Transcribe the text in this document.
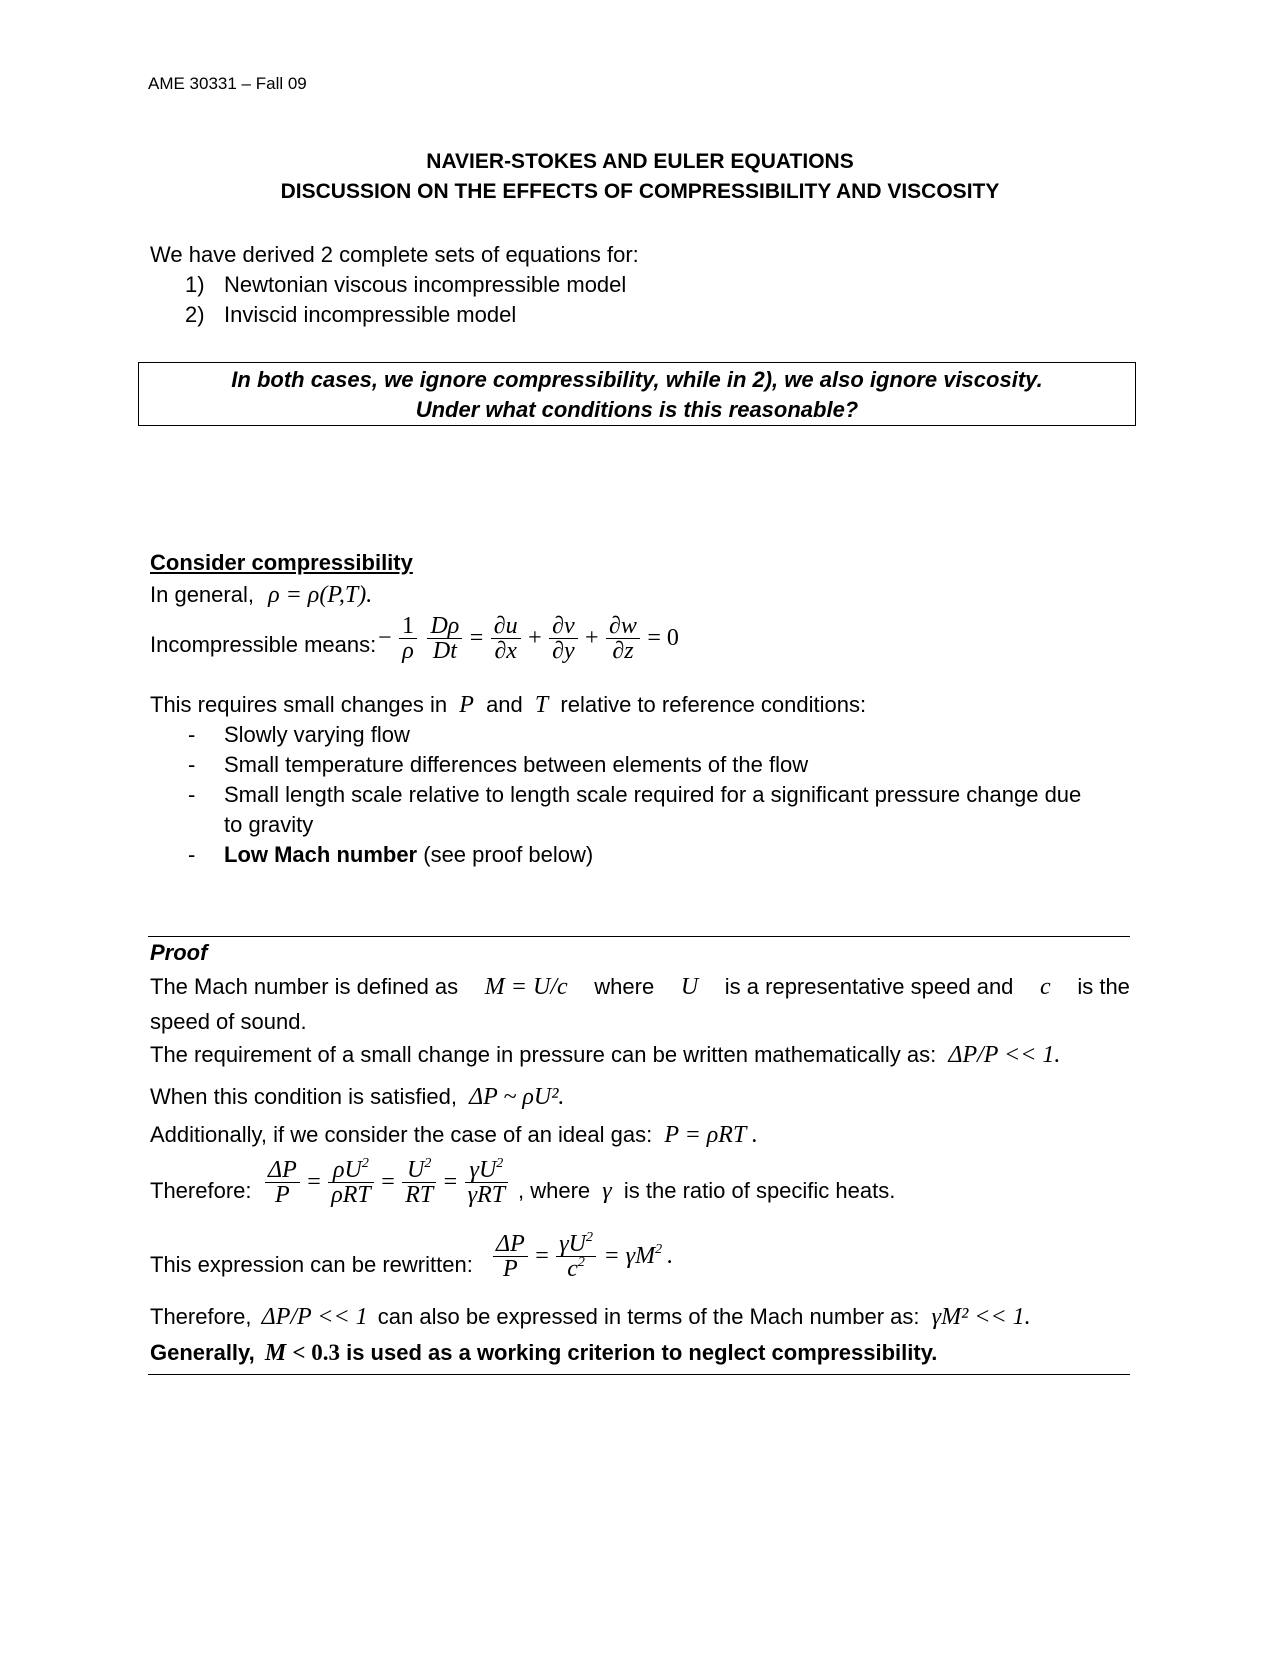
AME 30331 – Fall 09
NAVIER-STOKES AND EULER EQUATIONS
DISCUSSION ON THE EFFECTS OF COMPRESSIBILITY AND VISCOSITY
We have derived 2 complete sets of equations for:
1) Newtonian viscous incompressible model
2) Inviscid incompressible model
In both cases, we ignore compressibility, while in 2), we also ignore viscosity.
Under what conditions is this reasonable?
Consider compressibility
In general, ρ = ρ(P,T).
Incompressible means: − $\frac{1}{\rho}$
$\frac{D\rho}{Dt} = \frac{\partial u}{\partial x} + \frac{\partial v}{\partial y} + \frac{\partial w}{\partial z} = 0$
This requires small changes in P and T relative to reference conditions:
- Slowly varying flow
- Small temperature differences between elements of the flow
- Small length scale relative to length scale required for a significant pressure change due
to gravity
- Low Mach number (see proof below)
Proof
The Mach number is defined as M = U/c where U is a representative speed and c is the
speed of sound.
The requirement of a small change in pressure can be written mathematically as: ΔP/P << 1.
When this condition is satisfied, ΔP ~ ρU².
Additionally, if we consider the case of an ideal gas: P = ρRT .
Therefore: $\frac{\Delta P}{P} = \frac{\rho U^2}{\text{ρRT}} = \frac{U^2}{RT} = \frac{\gamma U^2}{\text{γRT}}$ , where γ is the ratio of specific heats.
This expression can be rewritten: $\frac{\Delta P}{P} = \frac{\gamma U^2}{c^2} = \gamma M^2$ .
Therefore, ΔP/P << 1 can also be expressed in terms of the Mach number as: γM² << 1.
Generally, M < 0.3 is used as a working criterion to neglect compressibility.
